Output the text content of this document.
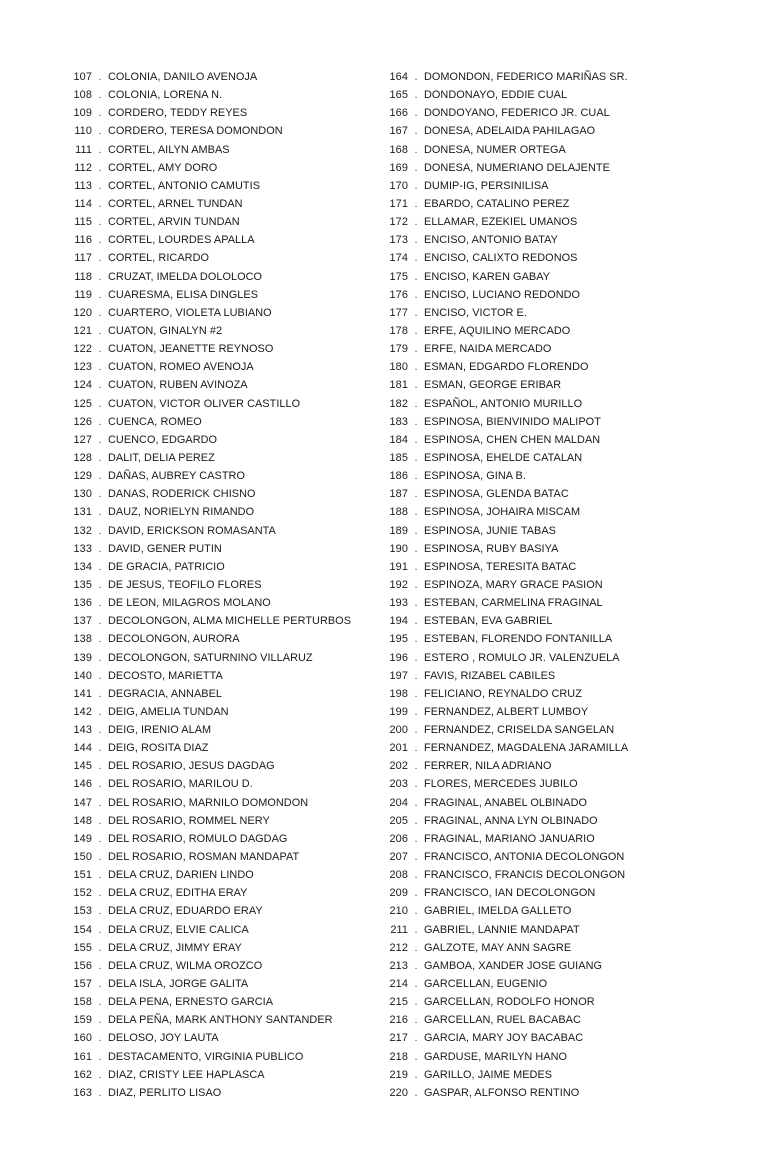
107 . COLONIA, DANILO AVENOJA
108 . COLONIA, LORENA N.
109 . CORDERO, TEDDY REYES
110 . CORDERO, TERESA DOMONDON
111 . CORTEL, AILYN AMBAS
112 . CORTEL, AMY DORO
113 . CORTEL, ANTONIO CAMUTIS
114 . CORTEL, ARNEL TUNDAN
115 . CORTEL, ARVIN TUNDAN
116 . CORTEL, LOURDES APALLA
117 . CORTEL, RICARDO
118 . CRUZAT, IMELDA DOLOLOCO
119 . CUARESMA, ELISA DINGLES
120 . CUARTERO, VIOLETA LUBIANO
121 . CUATON, GINALYN #2
122 . CUATON, JEANETTE REYNOSO
123 . CUATON, ROMEO AVENOJA
124 . CUATON, RUBEN AVINOZA
125 . CUATON, VICTOR OLIVER CASTILLO
126 . CUENCA, ROMEO
127 . CUENCO, EDGARDO
128 . DALIT, DELIA PEREZ
129 . DAÑAS, AUBREY CASTRO
130 . DANAS, RODERICK CHISNO
131 . DAUZ, NORIELYN RIMANDO
132 . DAVID, ERICKSON ROMASANTA
133 . DAVID, GENER PUTIN
134 . DE GRACIA, PATRICIO
135 . DE JESUS, TEOFILO FLORES
136 . DE LEON, MILAGROS MOLANO
137 . DECOLONGON, ALMA MICHELLE PERTURBOS
138 . DECOLONGON, AURORA
139 . DECOLONGON, SATURNINO VILLARUZ
140 . DECOSTO, MARIETTA
141 . DEGRACIA, ANNABEL
142 . DEIG, AMELIA TUNDAN
143 . DEIG, IRENIO ALAM
144 . DEIG, ROSITA DIAZ
145 . DEL ROSARIO, JESUS DAGDAG
146 . DEL ROSARIO, MARILOU D.
147 . DEL ROSARIO, MARNILO DOMONDON
148 . DEL ROSARIO, ROMMEL NERY
149 . DEL ROSARIO, ROMULO DAGDAG
150 . DEL ROSARIO, ROSMAN MANDAPAT
151 . DELA CRUZ, DARIEN LINDO
152 . DELA CRUZ, EDITHA ERAY
153 . DELA CRUZ, EDUARDO ERAY
154 . DELA CRUZ, ELVIE CALICA
155 . DELA CRUZ, JIMMY ERAY
156 . DELA CRUZ, WILMA OROZCO
157 . DELA ISLA, JORGE GALITA
158 . DELA PENA, ERNESTO GARCIA
159 . DELA PEÑA, MARK ANTHONY SANTANDER
160 . DELOSO, JOY LAUTA
161 . DESTACAMENTO, VIRGINIA PUBLICO
162 . DIAZ, CRISTY LEE HAPLASCA
163 . DIAZ, PERLITO LISAO
164 . DOMONDON, FEDERICO MARIÑAS SR.
165 . DONDONAYO, EDDIE CUAL
166 . DONDOYANO, FEDERICO JR. CUAL
167 . DONESA, ADELAIDA PAHILAGAO
168 . DONESA, NUMER ORTEGA
169 . DONESA, NUMERIANO DELAJENTE
170 . DUMIP-IG, PERSINILISA
171 . EBARDO, CATALINO PEREZ
172 . ELLAMAR, EZEKIEL UMANOS
173 . ENCISO, ANTONIO BATAY
174 . ENCISO, CALIXTO REDONOS
175 . ENCISO, KAREN GABAY
176 . ENCISO, LUCIANO REDONDO
177 . ENCISO, VICTOR E.
178 . ERFE, AQUILINO MERCADO
179 . ERFE, NAIDA MERCADO
180 . ESMAN, EDGARDO FLORENDO
181 . ESMAN, GEORGE ERIBAR
182 . ESPAÑOL, ANTONIO MURILLO
183 . ESPINOSA, BIENVINIDO MALIPOT
184 . ESPINOSA, CHEN CHEN MALDAN
185 . ESPINOSA, EHELDE CATALAN
186 . ESPINOSA, GINA B.
187 . ESPINOSA, GLENDA BATAC
188 . ESPINOSA, JOHAIRA MISCAM
189 . ESPINOSA, JUNIE TABAS
190 . ESPINOSA, RUBY BASIYA
191 . ESPINOSA, TERESITA BATAC
192 . ESPINOZA, MARY GRACE PASION
193 . ESTEBAN, CARMELINA FRAGINAL
194 . ESTEBAN, EVA GABRIEL
195 . ESTEBAN, FLORENDO FONTANILLA
196 . ESTERO , ROMULO JR. VALENZUELA
197 . FAVIS, RIZABEL CABILES
198 . FELICIANO, REYNALDO CRUZ
199 . FERNANDEZ, ALBERT LUMBOY
200 . FERNANDEZ, CRISELDA SANGELAN
201 . FERNANDEZ, MAGDALENA JARAMILLA
202 . FERRER, NILA ADRIANO
203 . FLORES, MERCEDES JUBILO
204 . FRAGINAL, ANABEL OLBINADO
205 . FRAGINAL, ANNA LYN OLBINADO
206 . FRAGINAL, MARIANO JANUARIO
207 . FRANCISCO, ANTONIA DECOLONGON
208 . FRANCISCO, FRANCIS DECOLONGON
209 . FRANCISCO, IAN DECOLONGON
210 . GABRIEL, IMELDA GALLETO
211 . GABRIEL, LANNIE MANDAPAT
212 . GALZOTE, MAY ANN SAGRE
213 . GAMBOA, XANDER JOSE GUIANG
214 . GARCELLAN, EUGENIO
215 . GARCELLAN, RODOLFO HONOR
216 . GARCELLAN, RUEL BACABAC
217 . GARCIA, MARY JOY BACABAC
218 . GARDUSE, MARILYN HANO
219 . GARILLO, JAIME MEDES
220 . GASPAR, ALFONSO RENTINO
